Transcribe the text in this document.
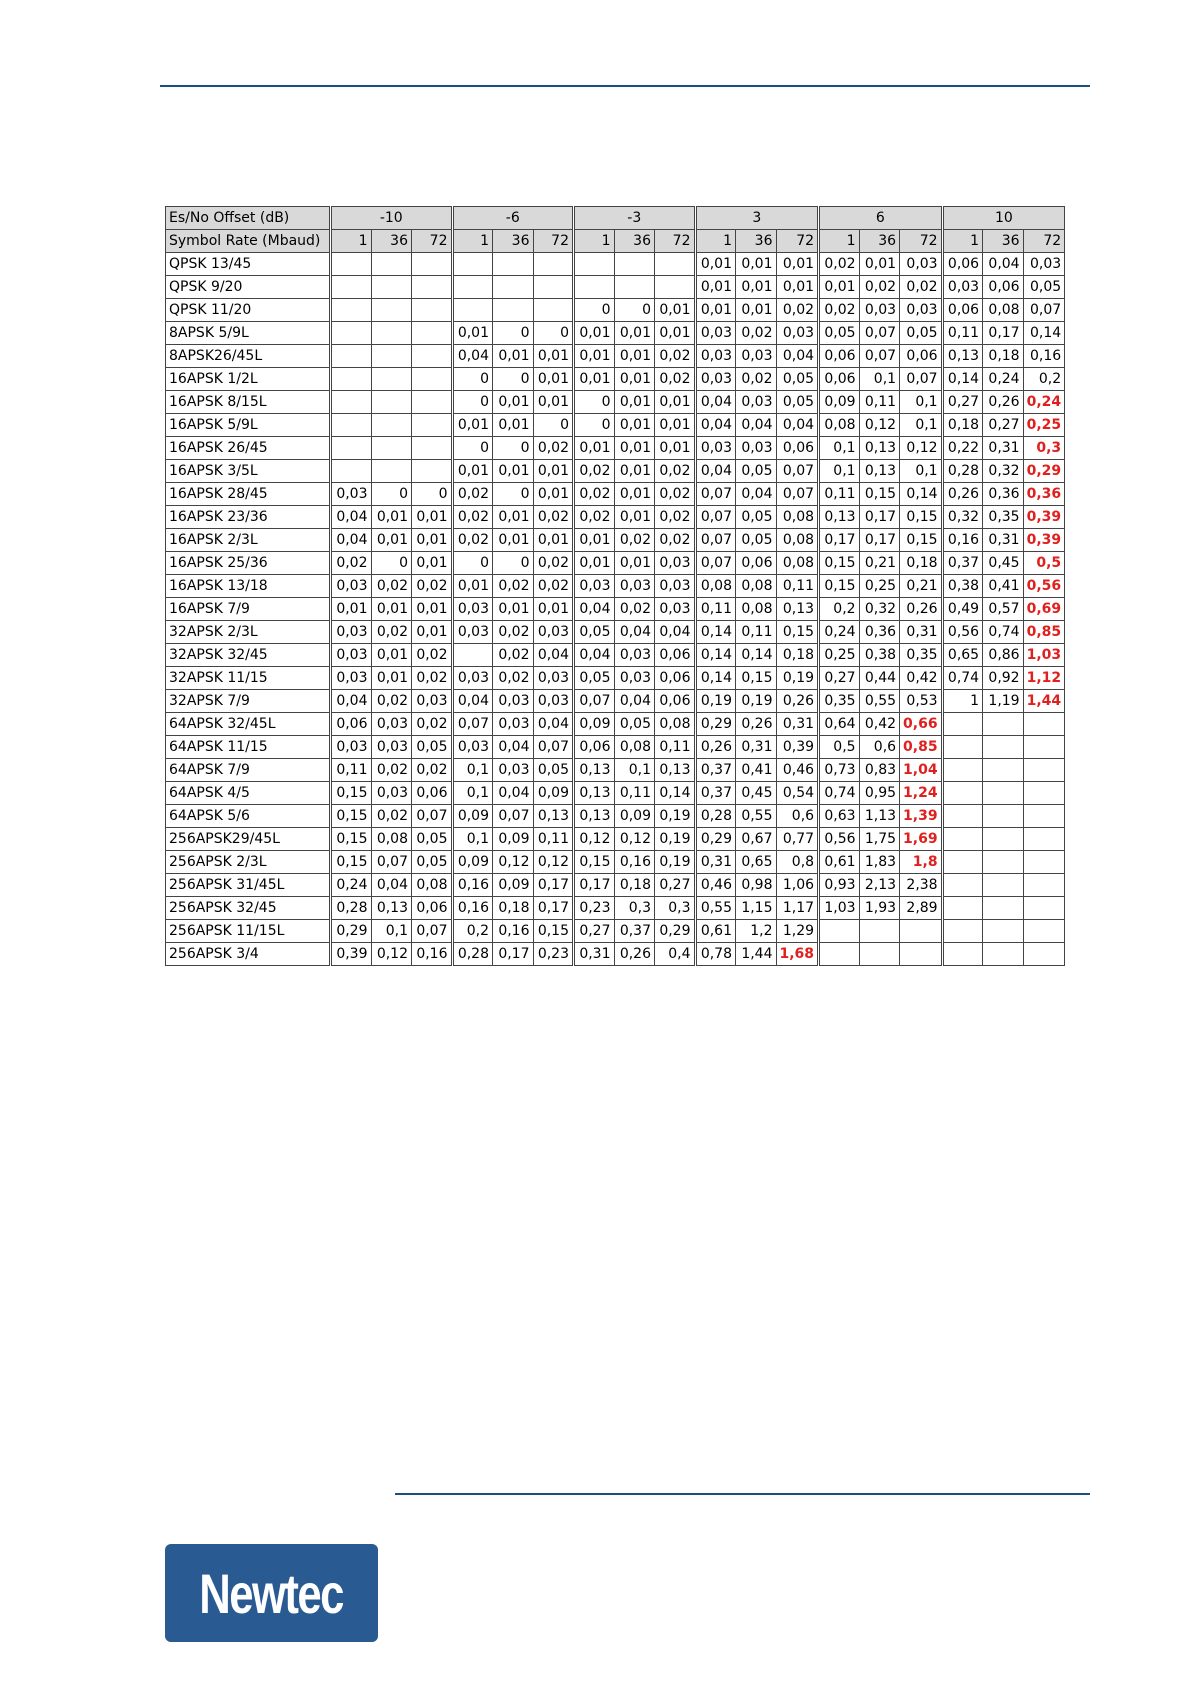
Es/No Offset (dB)	-10			-6			-3			3			6			10		
Symbol Rate (Mbaud)	1	36	72	1	36	72	1	36	72	1	36	72	1	36	72	1	36	72
QPSK 13/45										0,01	0,01	0,01	0,02	0,01	0,03	0,06	0,04	0,03
QPSK 9/20										0,01	0,01	0,01	0,01	0,02	0,02	0,03	0,06	0,05
QPSK 11/20							0	0	0,01	0,01	0,01	0,02	0,02	0,03	0,03	0,06	0,08	0,07
8APSK 5/9L				0,01	0	0	0,01	0,01	0,01	0,03	0,02	0,03	0,05	0,07	0,05	0,11	0,17	0,14
8APSK26/45L				0,04	0,01	0,01	0,01	0,01	0,02	0,03	0,03	0,04	0,06	0,07	0,06	0,13	0,18	0,16
16APSK 1/2L				0	0	0,01	0,01	0,01	0,02	0,03	0,02	0,05	0,06	0,1	0,07	0,14	0,24	0,2
16APSK 8/15L				0	0,01	0,01	0	0,01	0,01	0,04	0,03	0,05	0,09	0,11	0,1	0,27	0,26	0,24
16APSK 5/9L				0,01	0,01	0	0	0,01	0,01	0,04	0,04	0,04	0,08	0,12	0,1	0,18	0,27	0,25
16APSK 26/45				0	0	0,02	0,01	0,01	0,01	0,03	0,03	0,06	0,1	0,13	0,12	0,22	0,31	0,3
16APSK 3/5L				0,01	0,01	0,01	0,02	0,01	0,02	0,04	0,05	0,07	0,1	0,13	0,1	0,28	0,32	0,29
16APSK 28/45	0,03	0	0	0,02	0	0,01	0,02	0,01	0,02	0,07	0,04	0,07	0,11	0,15	0,14	0,26	0,36	0,36
16APSK 23/36	0,04	0,01	0,01	0,02	0,01	0,02	0,02	0,01	0,02	0,07	0,05	0,08	0,13	0,17	0,15	0,32	0,35	0,39
16APSK 2/3L	0,04	0,01	0,01	0,02	0,01	0,01	0,01	0,02	0,02	0,07	0,05	0,08	0,17	0,17	0,15	0,16	0,31	0,39
16APSK 25/36	0,02	0	0,01	0	0	0,02	0,01	0,01	0,03	0,07	0,06	0,08	0,15	0,21	0,18	0,37	0,45	0,5
16APSK 13/18	0,03	0,02	0,02	0,01	0,02	0,02	0,03	0,03	0,03	0,08	0,08	0,11	0,15	0,25	0,21	0,38	0,41	0,56
16APSK 7/9	0,01	0,01	0,01	0,03	0,01	0,01	0,04	0,02	0,03	0,11	0,08	0,13	0,2	0,32	0,26	0,49	0,57	0,69
32APSK 2/3L	0,03	0,02	0,01	0,03	0,02	0,03	0,05	0,04	0,04	0,14	0,11	0,15	0,24	0,36	0,31	0,56	0,74	0,85
32APSK 32/45	0,03	0,01	0,02		0,02	0,04	0,04	0,03	0,06	0,14	0,14	0,18	0,25	0,38	0,35	0,65	0,86	1,03
32APSK 11/15	0,03	0,01	0,02	0,03	0,02	0,03	0,05	0,03	0,06	0,14	0,15	0,19	0,27	0,44	0,42	0,74	0,92	1,12
32APSK 7/9	0,04	0,02	0,03	0,04	0,03	0,03	0,07	0,04	0,06	0,19	0,19	0,26	0,35	0,55	0,53	1	1,19	1,44
64APSK 32/45L	0,06	0,03	0,02	0,07	0,03	0,04	0,09	0,05	0,08	0,29	0,26	0,31	0,64	0,42	0,66			
64APSK 11/15	0,03	0,03	0,05	0,03	0,04	0,07	0,06	0,08	0,11	0,26	0,31	0,39	0,5	0,6	0,85			
64APSK 7/9	0,11	0,02	0,02	0,1	0,03	0,05	0,13	0,1	0,13	0,37	0,41	0,46	0,73	0,83	1,04			
64APSK 4/5	0,15	0,03	0,06	0,1	0,04	0,09	0,13	0,11	0,14	0,37	0,45	0,54	0,74	0,95	1,24			
64APSK 5/6	0,15	0,02	0,07	0,09	0,07	0,13	0,13	0,09	0,19	0,28	0,55	0,6	0,63	1,13	1,39			
256APSK29/45L	0,15	0,08	0,05	0,1	0,09	0,11	0,12	0,12	0,19	0,29	0,67	0,77	0,56	1,75	1,69			
256APSK 2/3L	0,15	0,07	0,05	0,09	0,12	0,12	0,15	0,16	0,19	0,31	0,65	0,8	0,61	1,83	1,8			
256APSK 31/45L	0,24	0,04	0,08	0,16	0,09	0,17	0,17	0,18	0,27	0,46	0,98	1,06	0,93	2,13	2,38			
256APSK 32/45	0,28	0,13	0,06	0,16	0,18	0,17	0,23	0,3	0,3	0,55	1,15	1,17	1,03	1,93	2,89			
256APSK 11/15L	0,29	0,1	0,07	0,2	0,16	0,15	0,27	0,37	0,29	0,61	1,2	1,29						
256APSK 3/4	0,39	0,12	0,16	0,28	0,17	0,23	0,31	0,26	0,4	0,78	1,44	1,68						
Newtec
